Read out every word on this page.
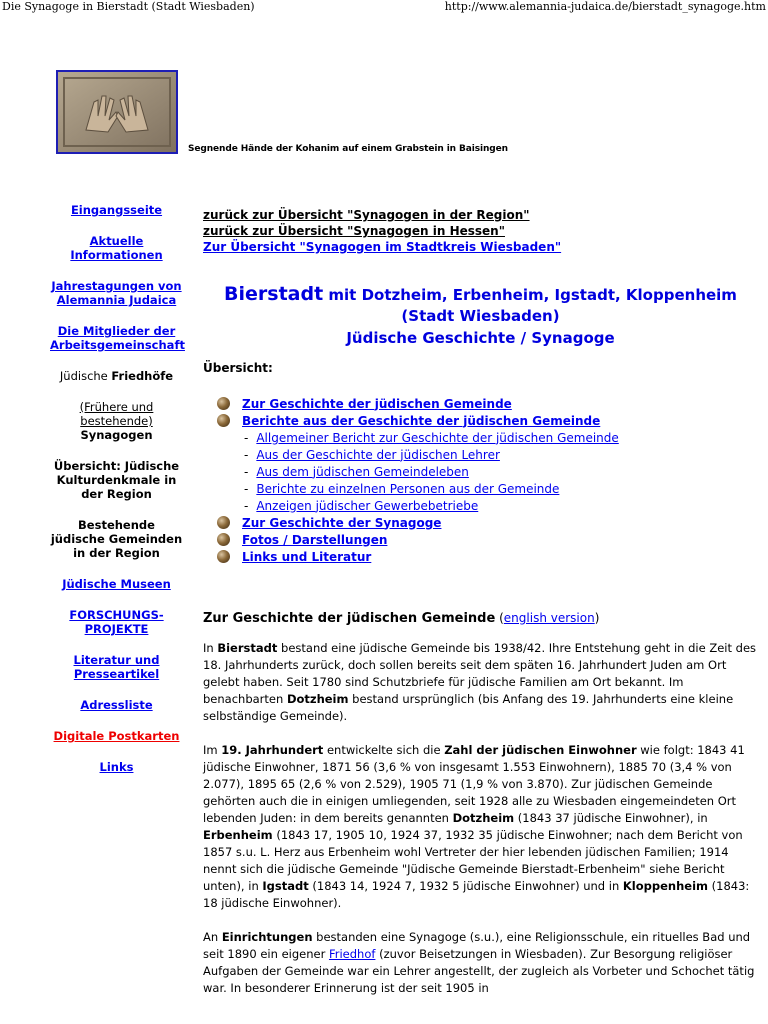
Die Synagoge in Bierstadt (Stadt Wiesbaden)	http://www.alemannia-judaica.de/bierstadt_synagoge.htm
Segnende Hände der Kohanim auf einem Grabstein in Baisingen
Eingangsseite
Aktuelle Informationen
Jahrestagungen von Alemannia Judaica
Die Mitglieder der Arbeitsgemeinschaft
Jüdische Friedhöfe
(Frühere und bestehende)
Synagogen
Übersicht: Jüdische Kulturdenkmale in der Region
Bestehende jüdische Gemeinden in der Region
Jüdische Museen
FORSCHUNGS-PROJEKTE
Literatur und Presseartikel
Adressliste
Digitale Postkarten
Links
zurück zur Übersicht "Synagogen in der Region"
zurück zur Übersicht "Synagogen in Hessen"
Zur Übersicht "Synagogen im Stadtkreis Wiesbaden"
Bierstadt mit Dotzheim, Erbenheim, Igstadt, Kloppenheim
(Stadt Wiesbaden)
Jüdische Geschichte / Synagoge
Übersicht:
Zur Geschichte der jüdischen Gemeinde
Berichte aus der Geschichte der jüdischen Gemeinde
- Allgemeiner Bericht zur Geschichte der jüdischen Gemeinde
- Aus der Geschichte der jüdischen Lehrer
- Aus dem jüdischen Gemeindeleben
- Berichte zu einzelnen Personen aus der Gemeinde
- Anzeigen jüdischer Gewerbebetriebe
Zur Geschichte der Synagoge
Fotos / Darstellungen
Links und Literatur
Zur Geschichte der jüdischen Gemeinde (english version)

In Bierstadt bestand eine jüdische Gemeinde bis 1938/42. Ihre Entstehung geht in die Zeit des 18. Jahrhunderts zurück, doch sollen bereits seit dem späten 16. Jahrhundert Juden am Ort gelebt haben. Seit 1780 sind Schutzbriefe für jüdische Familien am Ort bekannt. Im benachbarten Dotzheim bestand ursprünglich (bis Anfang des 19. Jahrhunderts eine kleine selbständige Gemeinde).

Im 19. Jahrhundert entwickelte sich die Zahl der jüdischen Einwohner wie folgt: 1843 41 jüdische Einwohner, 1871 56 (3,6 % von insgesamt 1.553 Einwohnern), 1885 70 (3,4 % von 2.077), 1895 65 (2,6 % von 2.529), 1905 71 (1,9 % von 3.870). Zur jüdischen Gemeinde gehörten auch die in einigen umliegenden, seit 1928 alle zu Wiesbaden eingemeindeten Ort lebenden Juden: in dem bereits genannten Dotzheim (1843 37 jüdische Einwohner), in Erbenheim (1843 17, 1905 10, 1924 37, 1932 35 jüdische Einwohner; nach dem Bericht von 1857 s.u. L. Herz aus Erbenheim wohl Vertreter der hier lebenden jüdischen Familien; 1914 nennt sich die jüdische Gemeinde "Jüdische Gemeinde Bierstadt-Erbenheim" siehe Bericht unten), in Igstadt (1843 14, 1924 7, 1932 5 jüdische Einwohner) und in Kloppenheim (1843: 18 jüdische Einwohner).

An Einrichtungen bestanden eine Synagoge (s.u.), eine Religionsschule, ein rituelles Bad und seit 1890 ein eigener Friedhof (zuvor Beisetzungen in Wiesbaden). Zur Besorgung religiöser Aufgaben der Gemeinde war ein Lehrer angestellt, der zugleich als Vorbeter und Schochet tätig war. In besonderer Erinnerung ist der seit 1905 in
